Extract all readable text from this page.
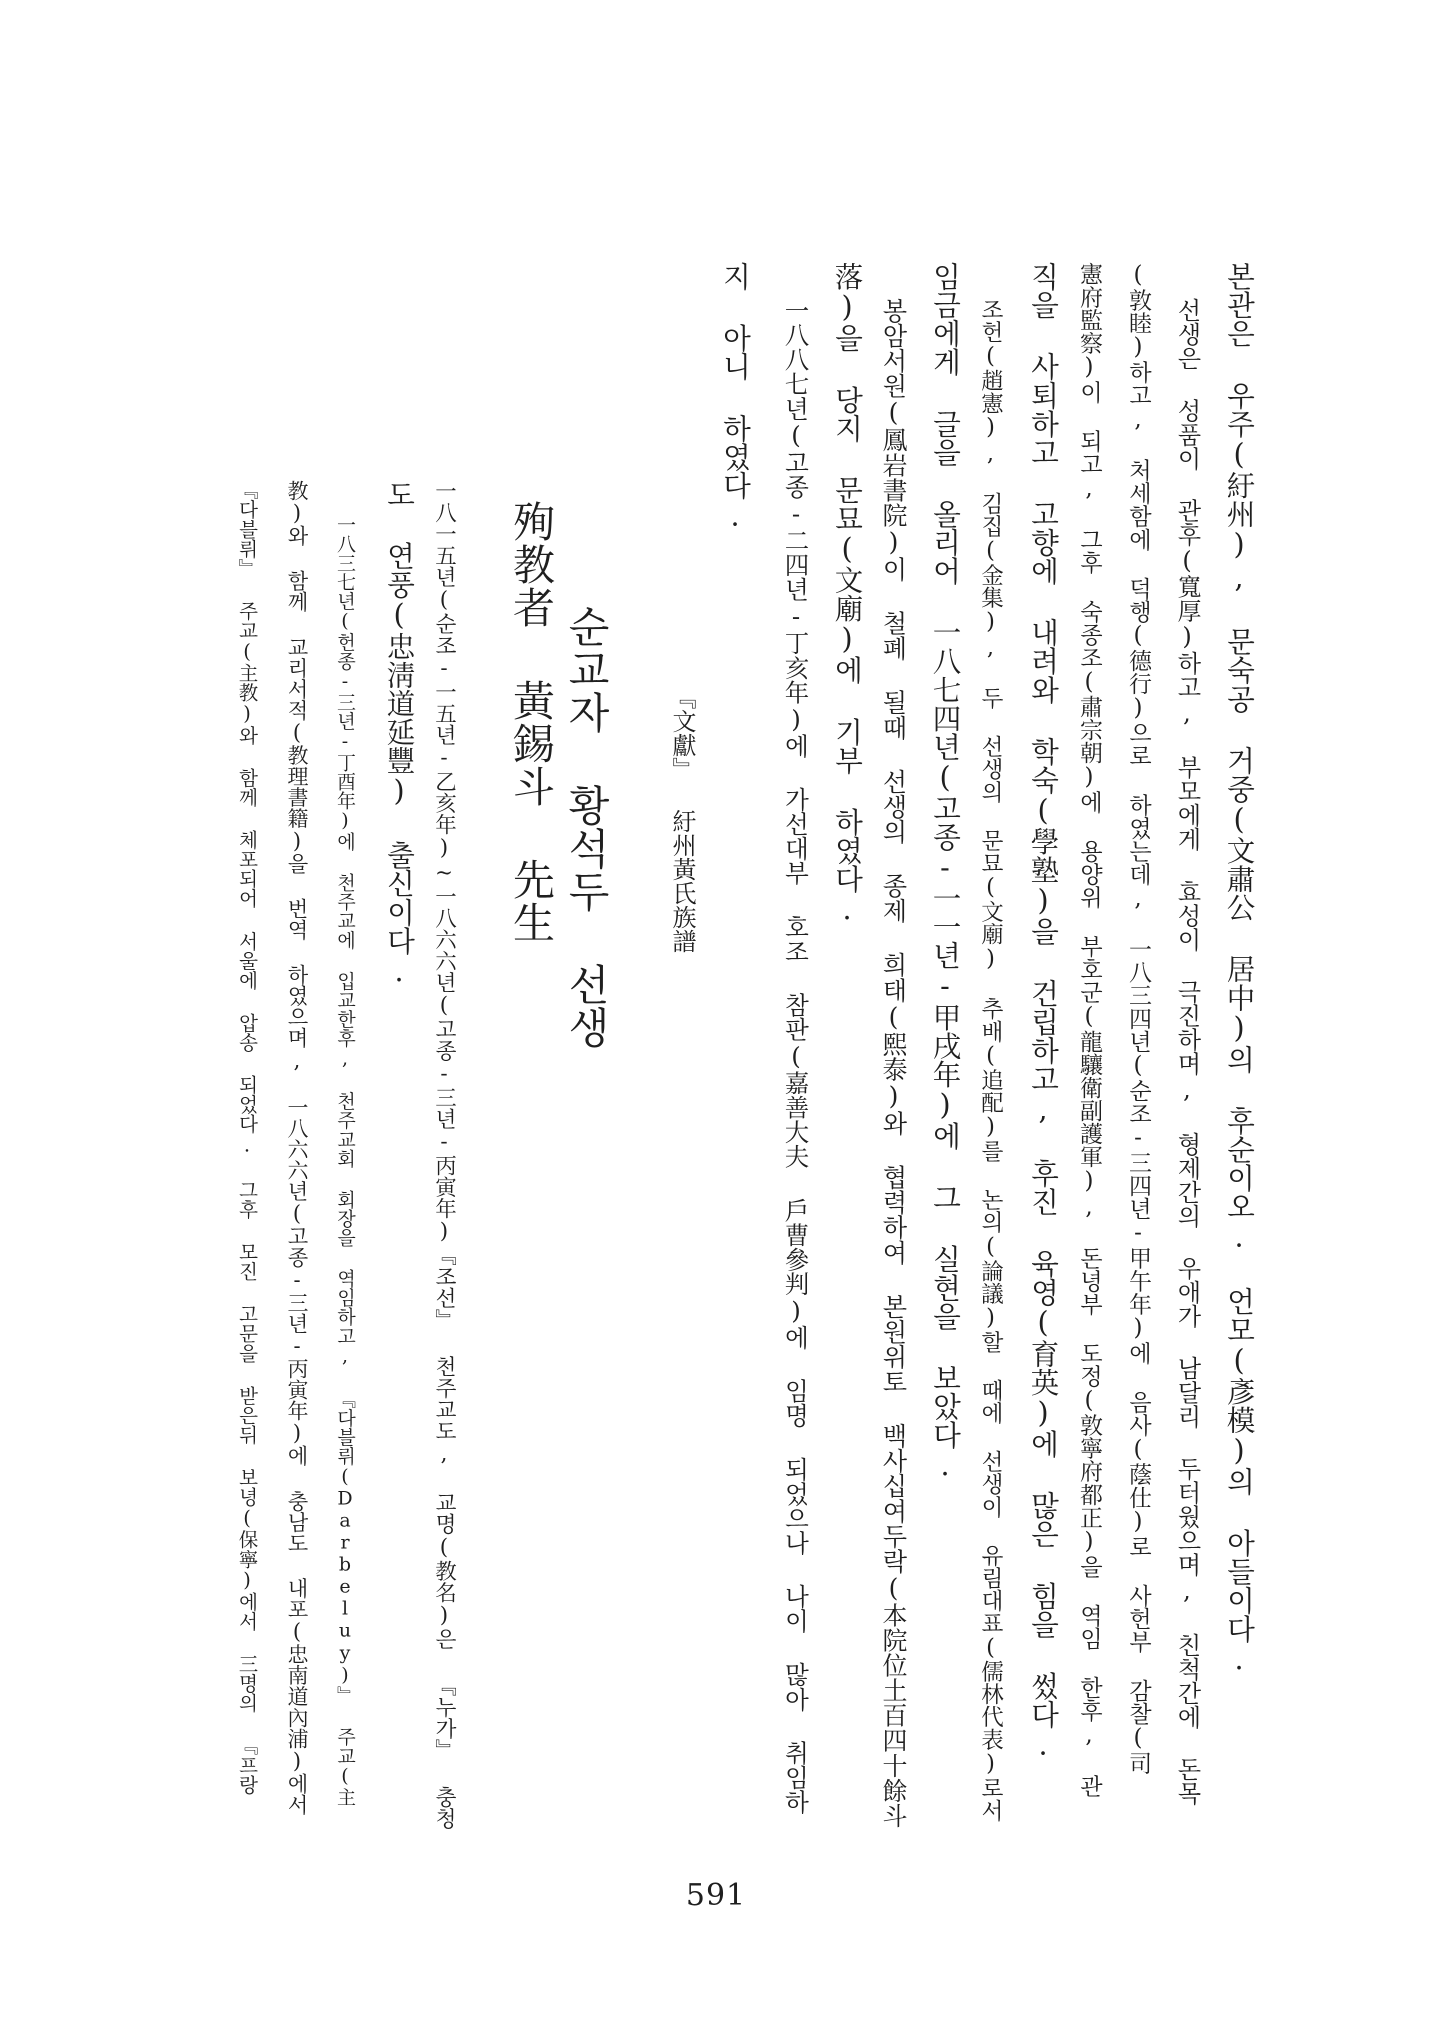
본관은 우주(紆州), 문숙공 거중(文肅公 居中)의 후순이오. 언모(彥模)의 아들이다.
선생은 성품이 관후(寬厚)하고, 부모에게 효성이 극진하며, 형제간의 우애가 남달리 두터웠으며, 친척간에 돈목
(敦睦)하고, 처세함에 덕행(德行)으로 하였는데, 一八三四년(순조-三四년-甲午年)에 음사(蔭仕)로 사헌부 감찰(司
憲府監察)이 되고, 그후 숙종조(肅宗朝)에 용양위 부호군(龍驤衛副護軍), 돈녕부 도정(敦寧府都正)을 역임 한후, 관
직을 사퇴하고 고향에 내려와 학숙(學塾)을 건립하고, 후진 육영(育英)에 많은 힘을 썼다.
조헌(趙憲), 김집(金集), 두 선생의 문묘(文廟) 추배(追配)를 논의(論議)할 때에 선생이 유림대표(儒林代表)로서
임금에게 글을 올리어 一八七四년(고종-一一년-甲戌年)에 그 실현을 보았다.
봉암서원(鳳岩書院)이 철폐 될때 선생의 종제 희태(熙泰)와 협력하여 본원위토 백사십여두락(本院位土百四十餘斗
落)을 당지 문묘(文廟)에 기부 하였다.
一八八七년(고종-二四년-丁亥年)에 가선대부 호조 참판(嘉善大夫 戶曹參判)에 임명 되었으나 나이 많아 취임하
지 아니 하였다.
『文獻』 紆州黃氏族譜
순교자 황석두 선생
殉教者 黃錫斗 先生
一八一五년(순조-一五년-乙亥年)~一八六六년(고종-三년-丙寅年)『조선』 천주교도, 교명(教名)은 『누가』 충청
도 연풍(忠淸道延豐) 출신이다.
一八三七년(헌종-三년-丁酉年)에 천주교에 입교한후, 천주교회 회장을 역임하고, 『다블뤼(Darbeluy)』 주교(主
教)와 함께 교리서적(教理書籍)을 번역 하였으며, 一八六六년(고종-三년-丙寅年)에 충남도 내포(忠南道內浦)에서
『다블뤼』 주교(主教)와 함께 체포되어 서울에 압송 되었다. 그후 모진 고문을 받은뒤 보녕(保寧)에서 三명의 『프랑
591
